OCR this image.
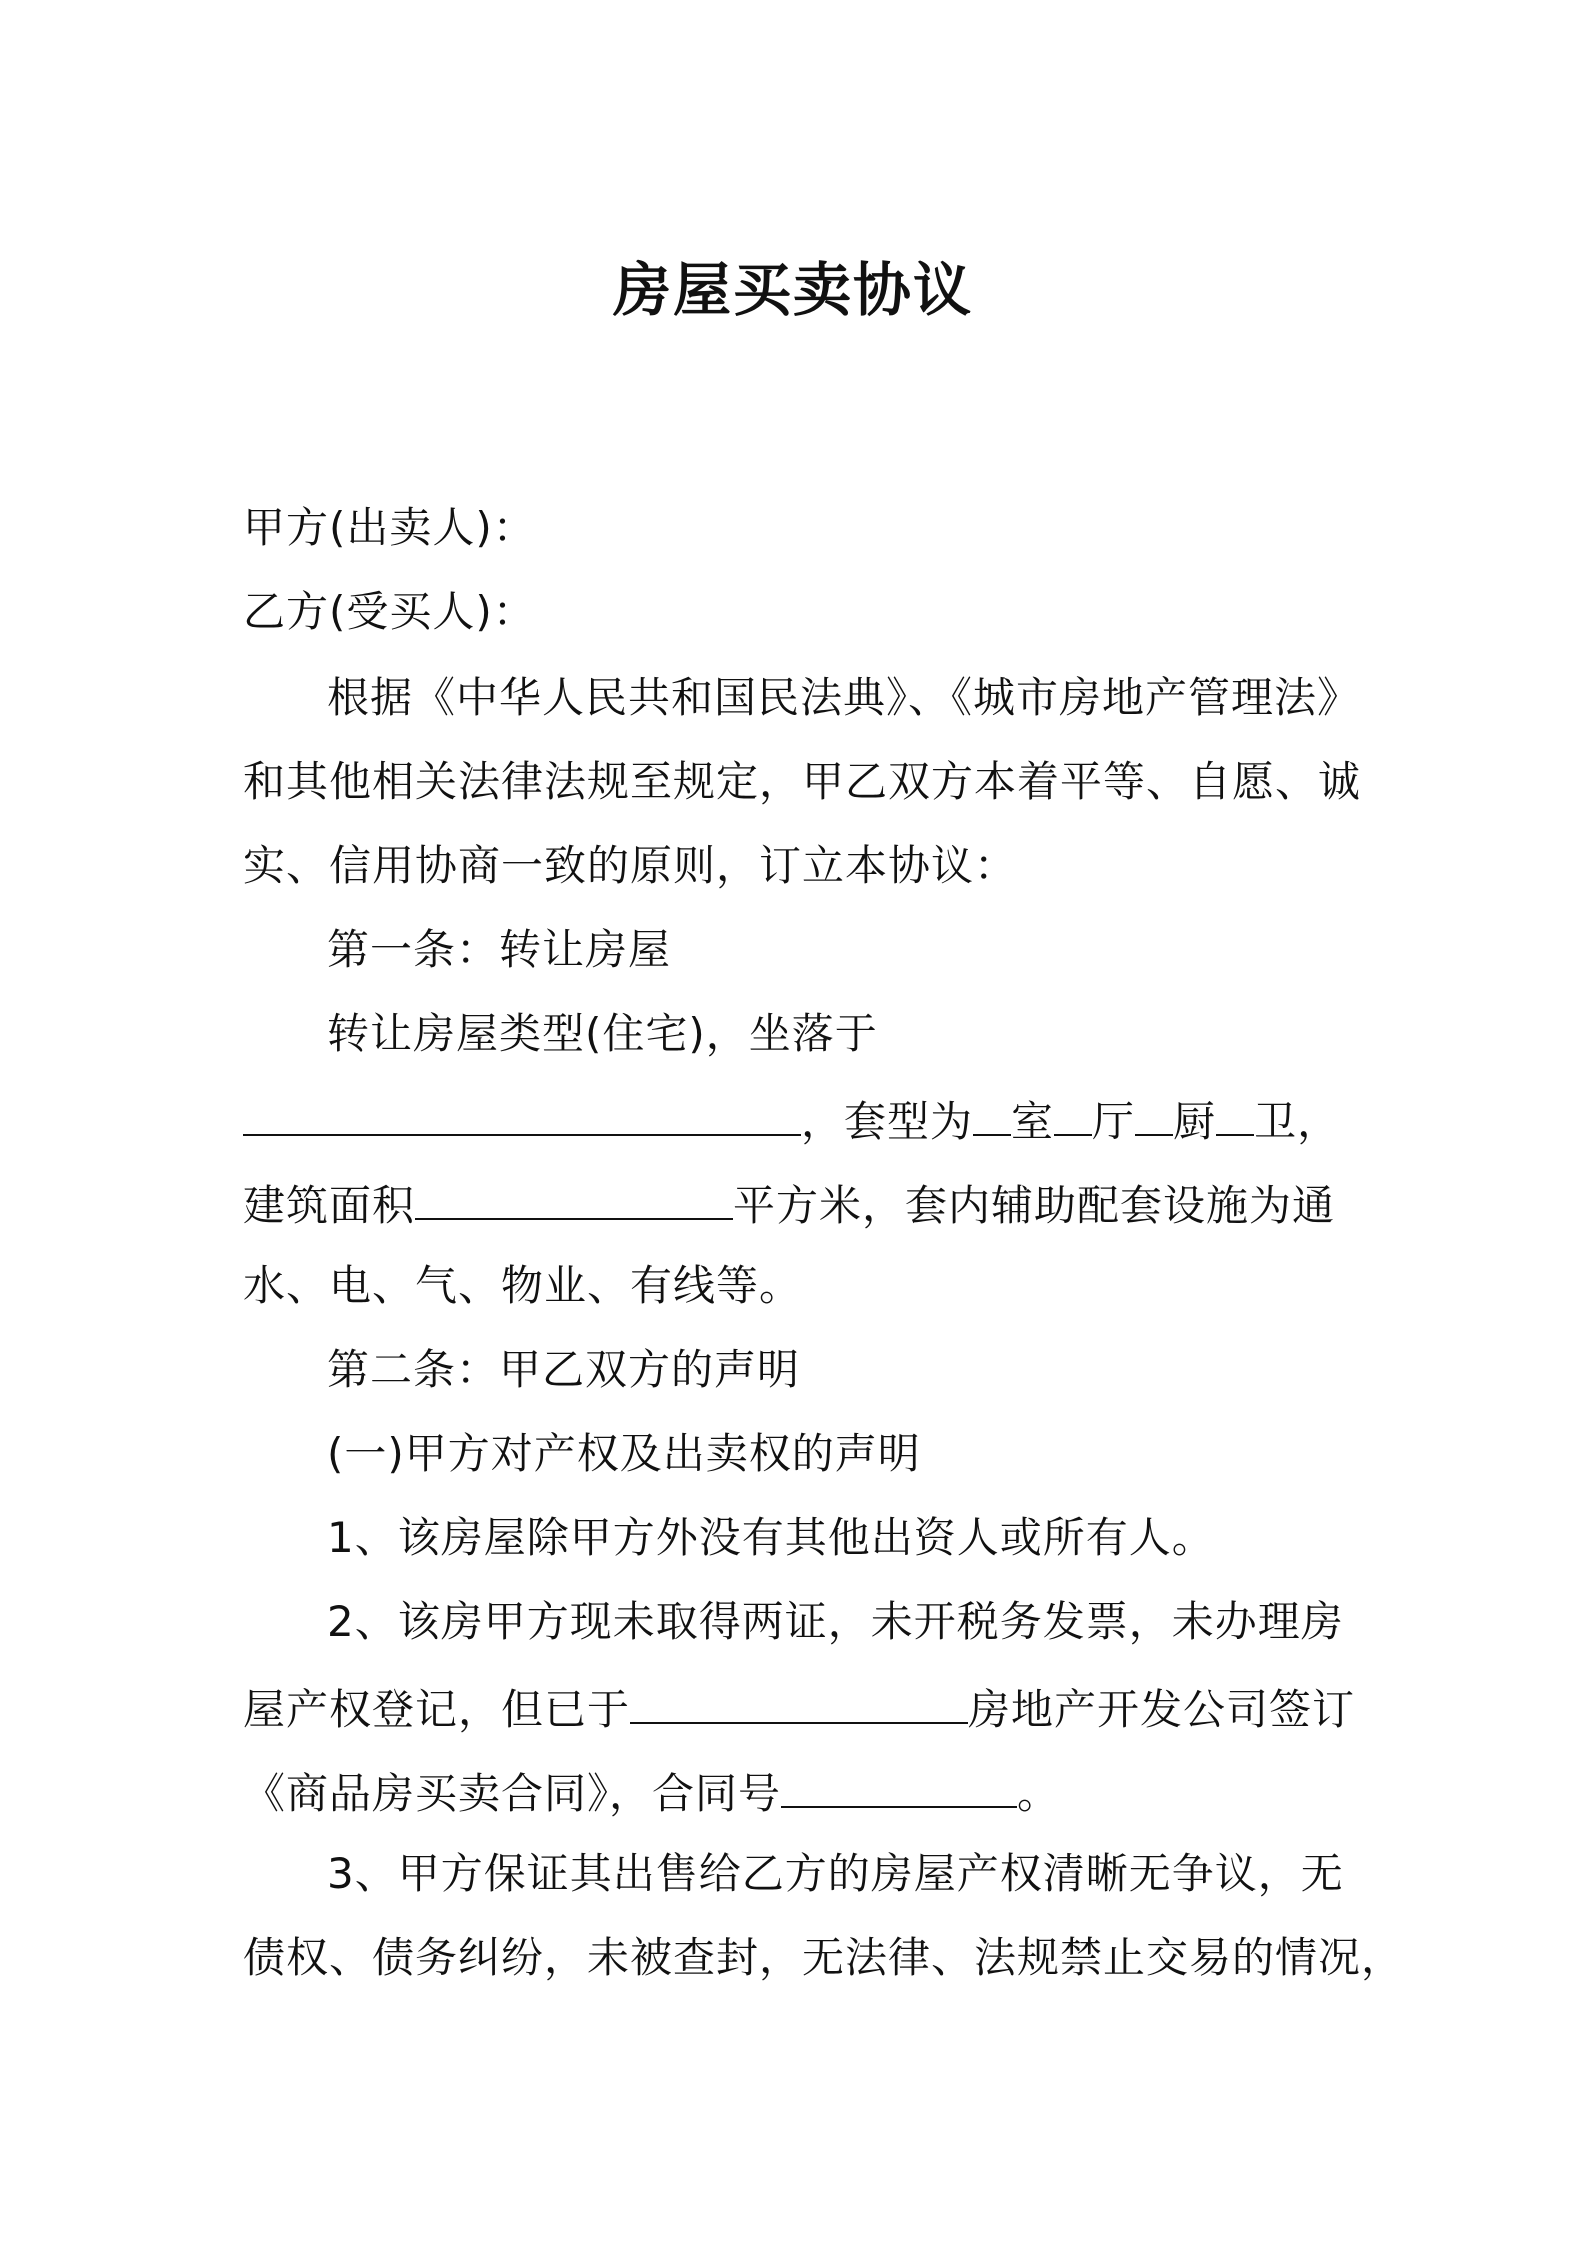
房屋买卖协议
甲方(出卖人)：
乙方(受买人)：
根据《中华人民共和国民法典》、《城市房地产管理法》
和其他相关法律法规至规定，甲乙双方本着平等、自愿、诚
实、信用协商一致的原则，订立本协议：
第一条：转让房屋
转让房屋类型(住宅)，坐落于
，套型为 室 厅 厨 卫，
建筑面积	平方米，套内辅助配套设施为通
水、电、气、物业、有线等。
第二条：甲乙双方的声明
(一)甲方对产权及出卖权的声明
1、该房屋除甲方外没有其他出资人或所有人。
2、该房甲方现未取得两证，未开税务发票，未办理房
屋产权登记，但已于	房地产开发公司签订
《商品房买卖合同》，合同号	。
3、甲方保证其出售给乙方的房屋产权清晰无争议，无
债权、债务纠纷，未被查封，无法律、法规禁止交易的情况，
